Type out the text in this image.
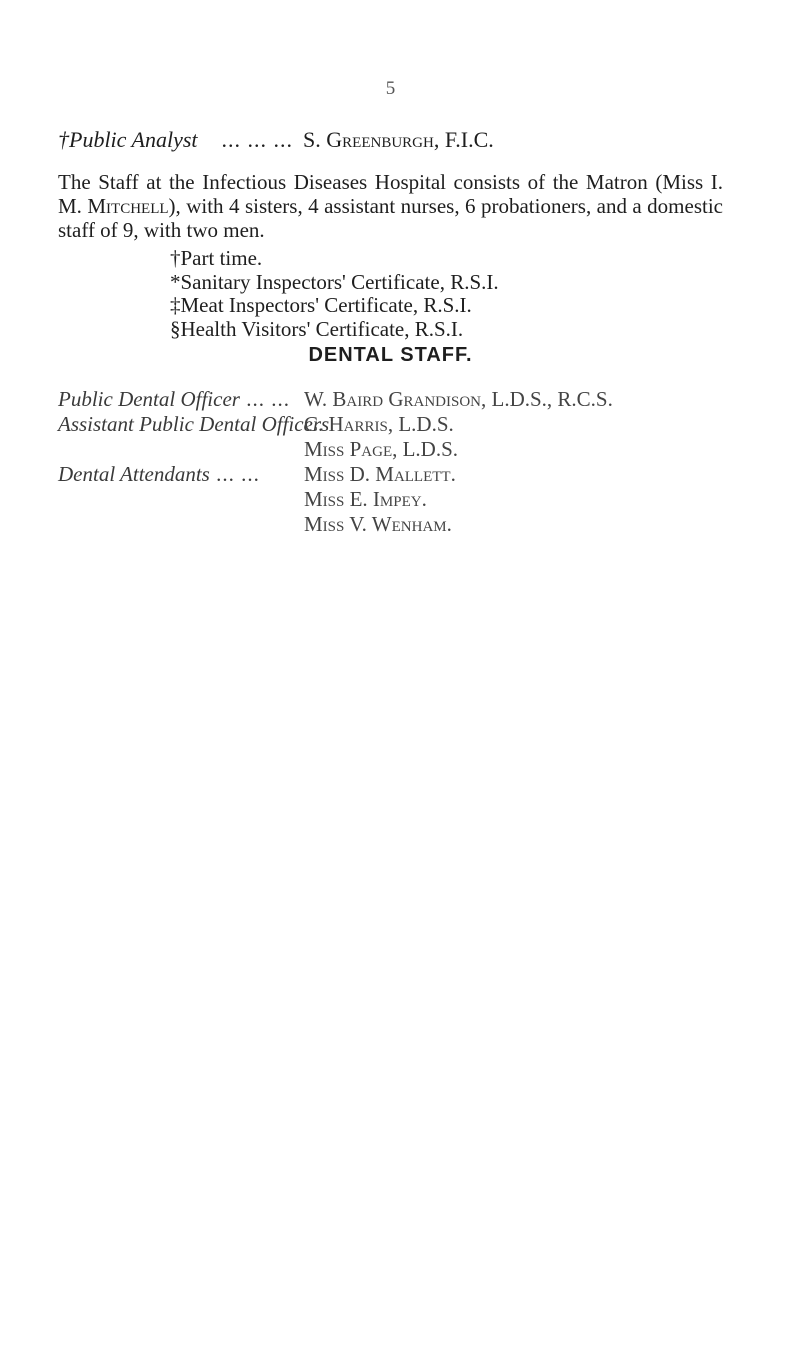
5
†Public Analyst ... ... ... S. Greenburgh, F.I.C.
The Staff at the Infectious Diseases Hospital consists of the Matron (Miss I. M. Mitchell), with 4 sisters, 4 assistant nurses, 6 probationers, and a domestic staff of 9, with two men.
†Part time.
*Sanitary Inspectors' Certificate, R.S.I.
‡Meat Inspectors' Certificate, R.S.I.
§Health Visitors' Certificate, R.S.I.
DENTAL STAFF.
Public Dental Officer ... ... W. Baird Grandison, L.D.S., R.C.S.
Assistant Public Dental Officers
C. Harris, L.D.S.
Miss Page, L.D.S.
Dental Attendants ... ...	Miss D. Mallett.
Miss E. Impey.
Miss V. Wenham.
